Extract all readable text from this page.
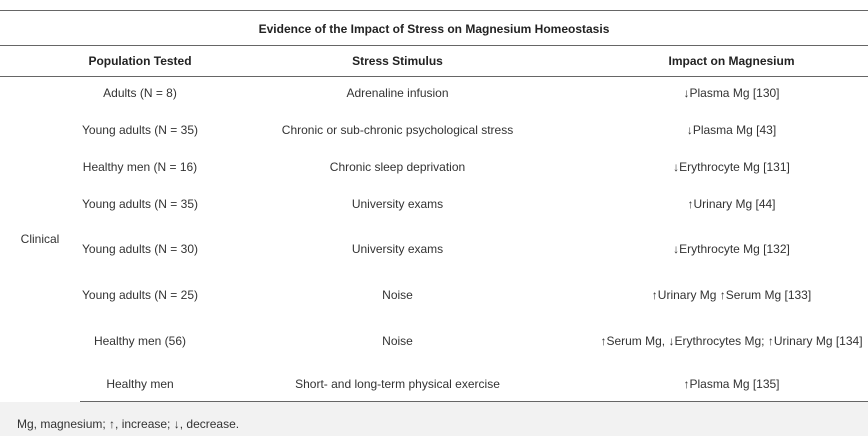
Evidence of the Impact of Stress on Magnesium Homeostasis
	Population Tested	Stress Stimulus	Impact on Magnesium
Clinical	Adults (N = 8)	Adrenaline infusion	↓Plasma Mg [130]
	Young adults (N = 35)	Chronic or sub-chronic psychological stress	↓Plasma Mg [43]
	Healthy men (N = 16)	Chronic sleep deprivation	↓Erythrocyte Mg [131]
	Young adults (N = 35)	University exams	↑Urinary Mg [44]
	Young adults (N = 30)	University exams	↓Erythrocyte Mg [132]
	Young adults (N = 25)	Noise	↑Urinary Mg ↑Serum Mg [133]
	Healthy men (56)	Noise	↑Serum Mg, ↓Erythrocytes Mg; ↑Urinary Mg [134]
	Healthy men	Short- and long-term physical exercise	↑Plasma Mg [135]
Mg, magnesium; ↑, increase; ↓, decrease.
